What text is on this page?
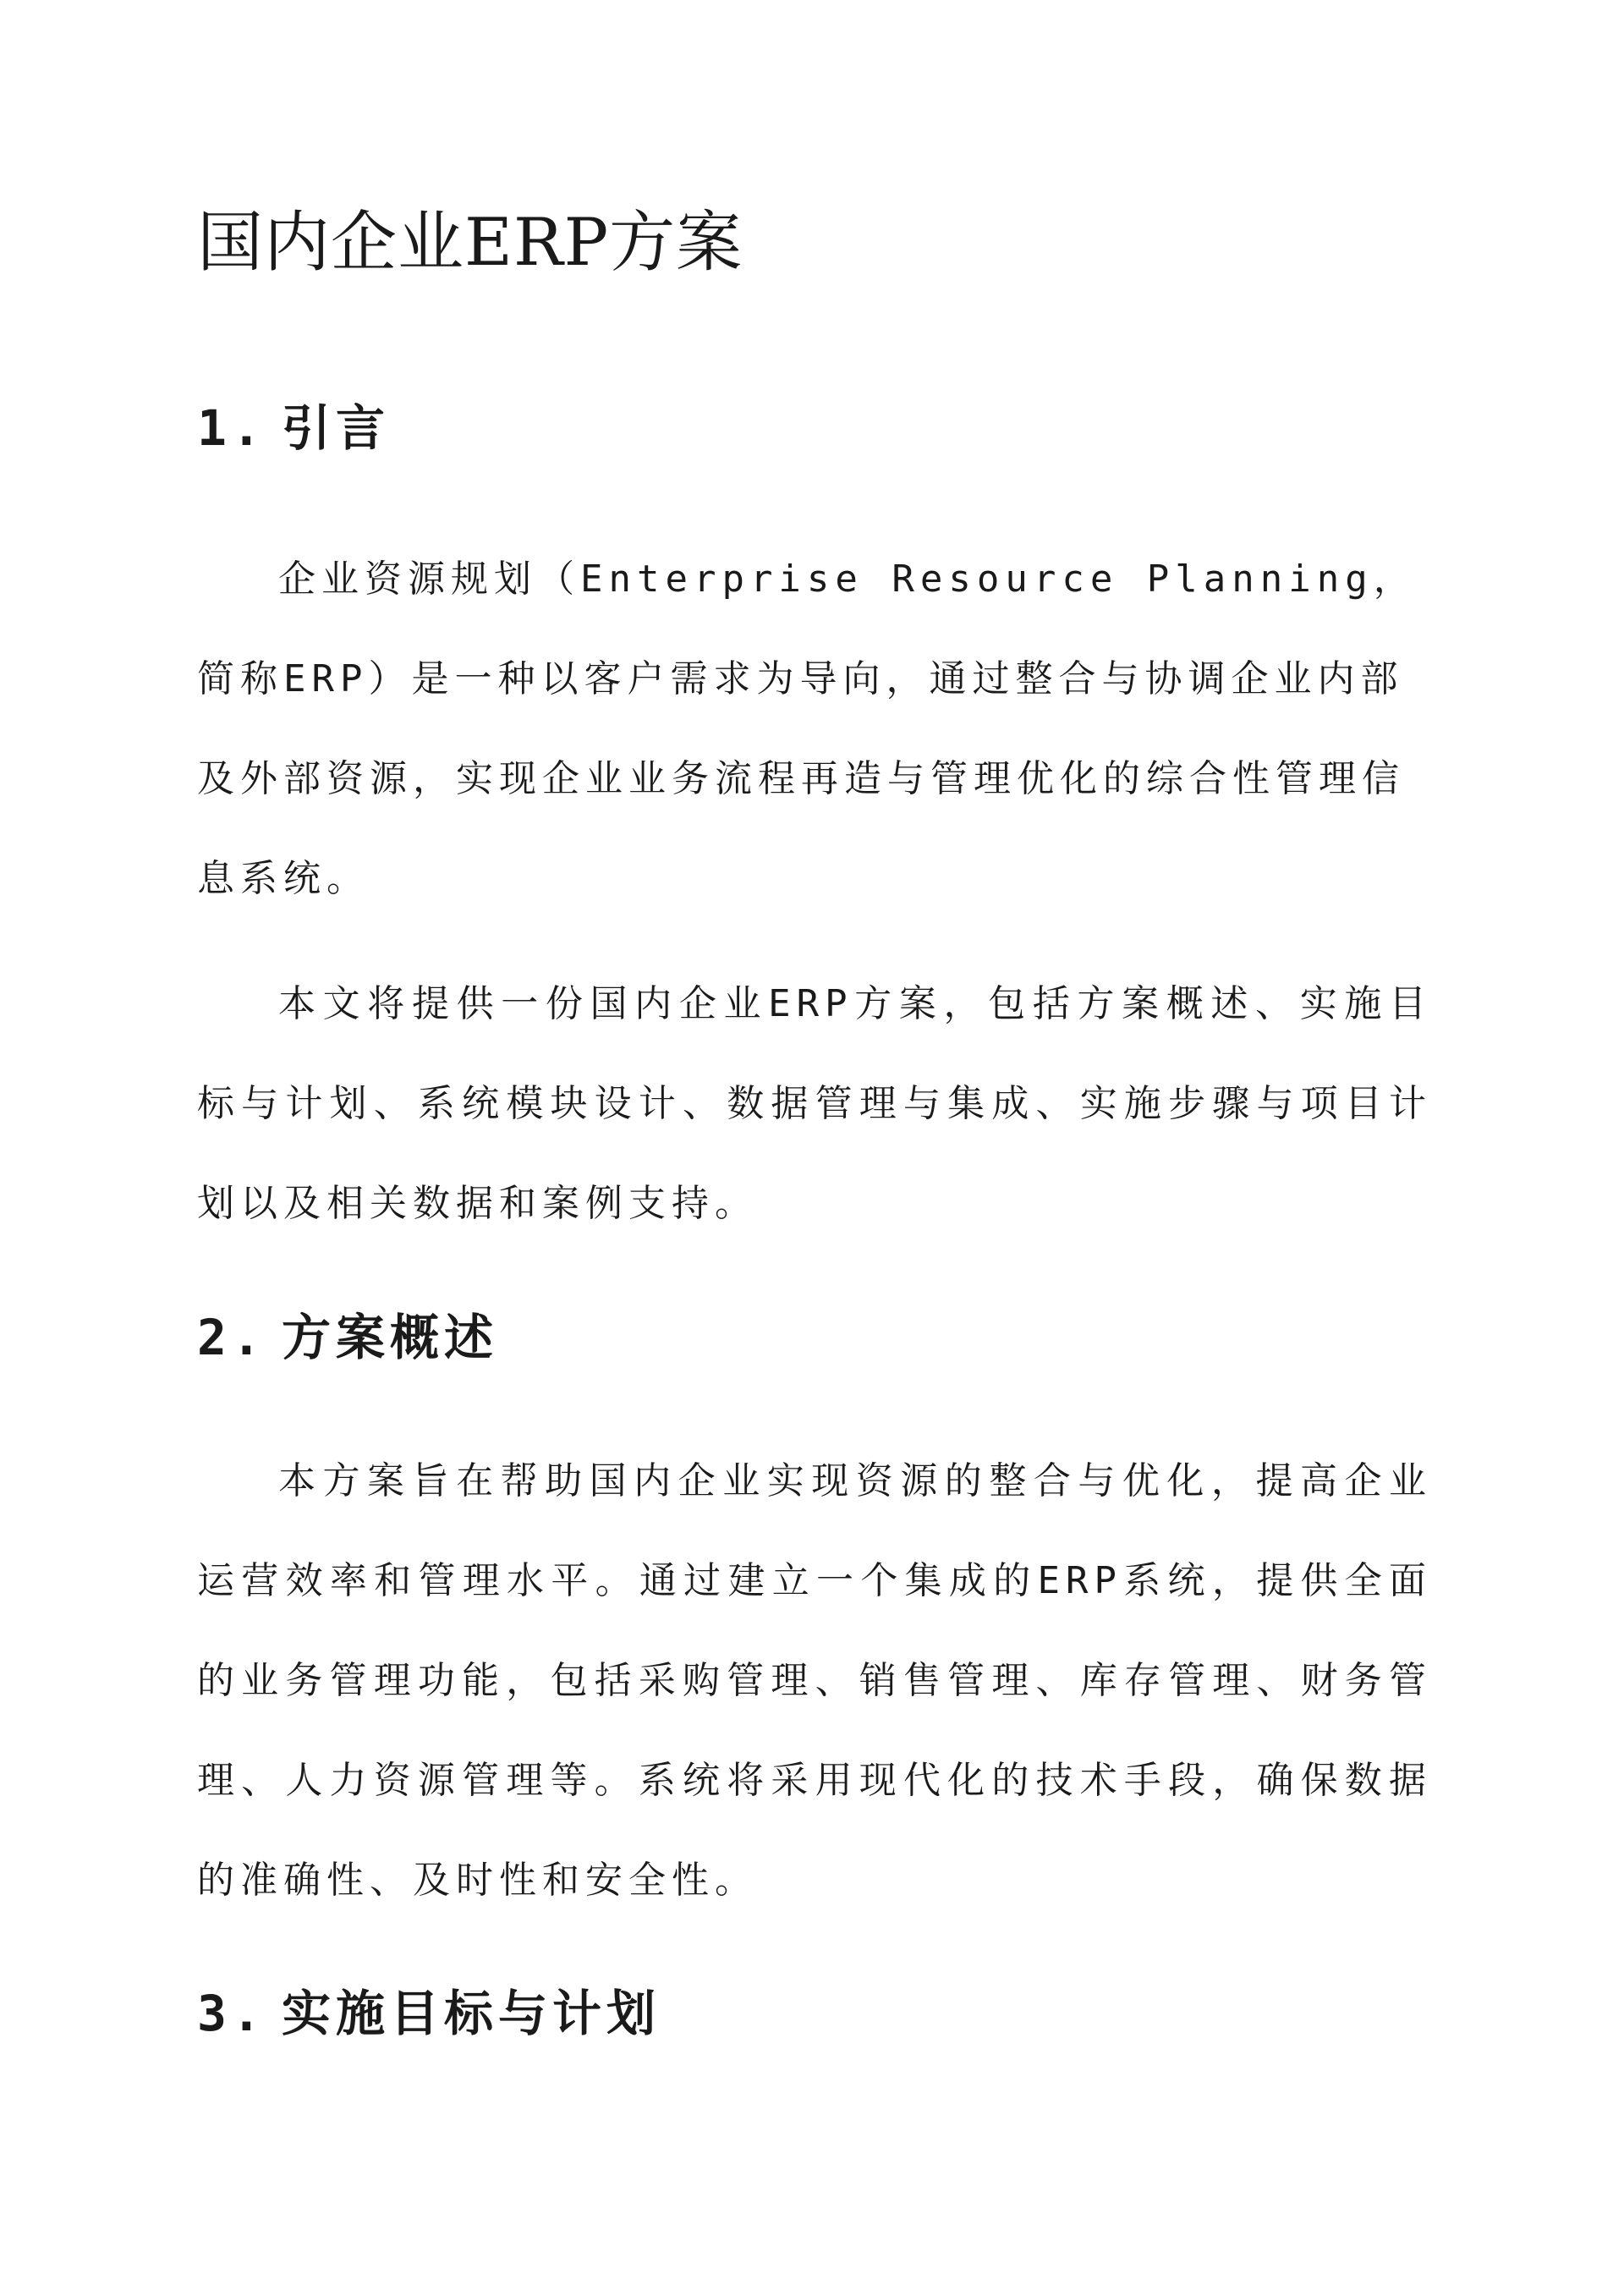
国内企业ERP方案
1. 引言

企业资源规划（Enterprise Resource Planning，简称ERP）是一种以客户需求为导向，通过整合与协调企业内部及外部资源，实现企业业务流程再造与管理优化的综合性管理信息系统。

本文将提供一份国内企业ERP方案，包括方案概述、实施目标与计划、系统模块设计、数据管理与集成、实施步骤与项目计划以及相关数据和案例支持。

2. 方案概述

本方案旨在帮助国内企业实现资源的整合与优化，提高企业运营效率和管理水平。通过建立一个集成的ERP系统，提供全面的业务管理功能，包括采购管理、销售管理、库存管理、财务管理、人力资源管理等。系统将采用现代化的技术手段，确保数据的准确性、及时性和安全性。

3. 实施目标与计划
